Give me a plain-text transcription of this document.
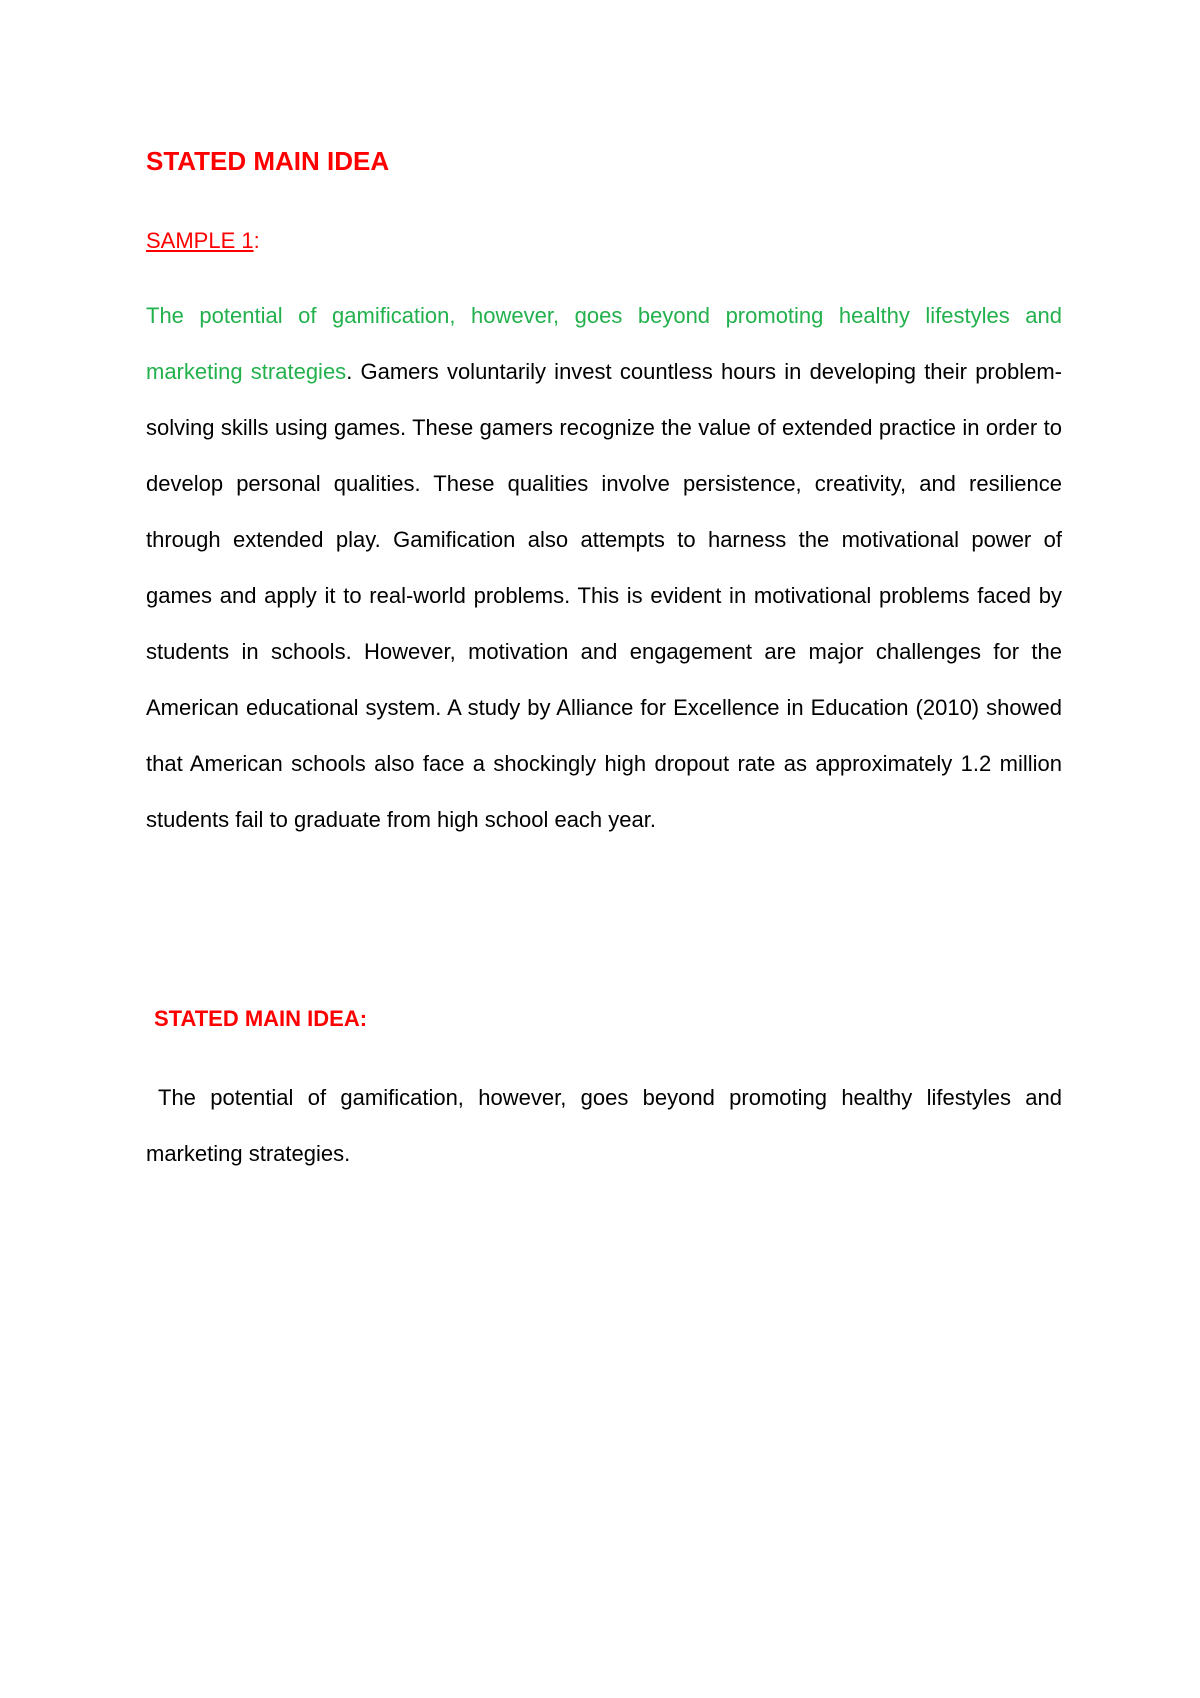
STATED MAIN IDEA

SAMPLE 1:

The potential of gamification, however, goes beyond promoting healthy lifestyles and marketing strategies. Gamers voluntarily invest countless hours in developing their problem-solving skills using games. These gamers recognize the value of extended practice in order to develop personal qualities. These qualities involve persistence, creativity, and resilience through extended play. Gamification also attempts to harness the motivational power of games and apply it to real-world problems. This is evident in motivational problems faced by students in schools. However, motivation and engagement are major challenges for the American educational system. A study by Alliance for Excellence in Education (2010) showed that American schools also face a shockingly high dropout rate as approximately 1.2 million students fail to graduate from high school each year.

STATED MAIN IDEA:

The potential of gamification, however, goes beyond promoting healthy lifestyles and marketing strategies.
